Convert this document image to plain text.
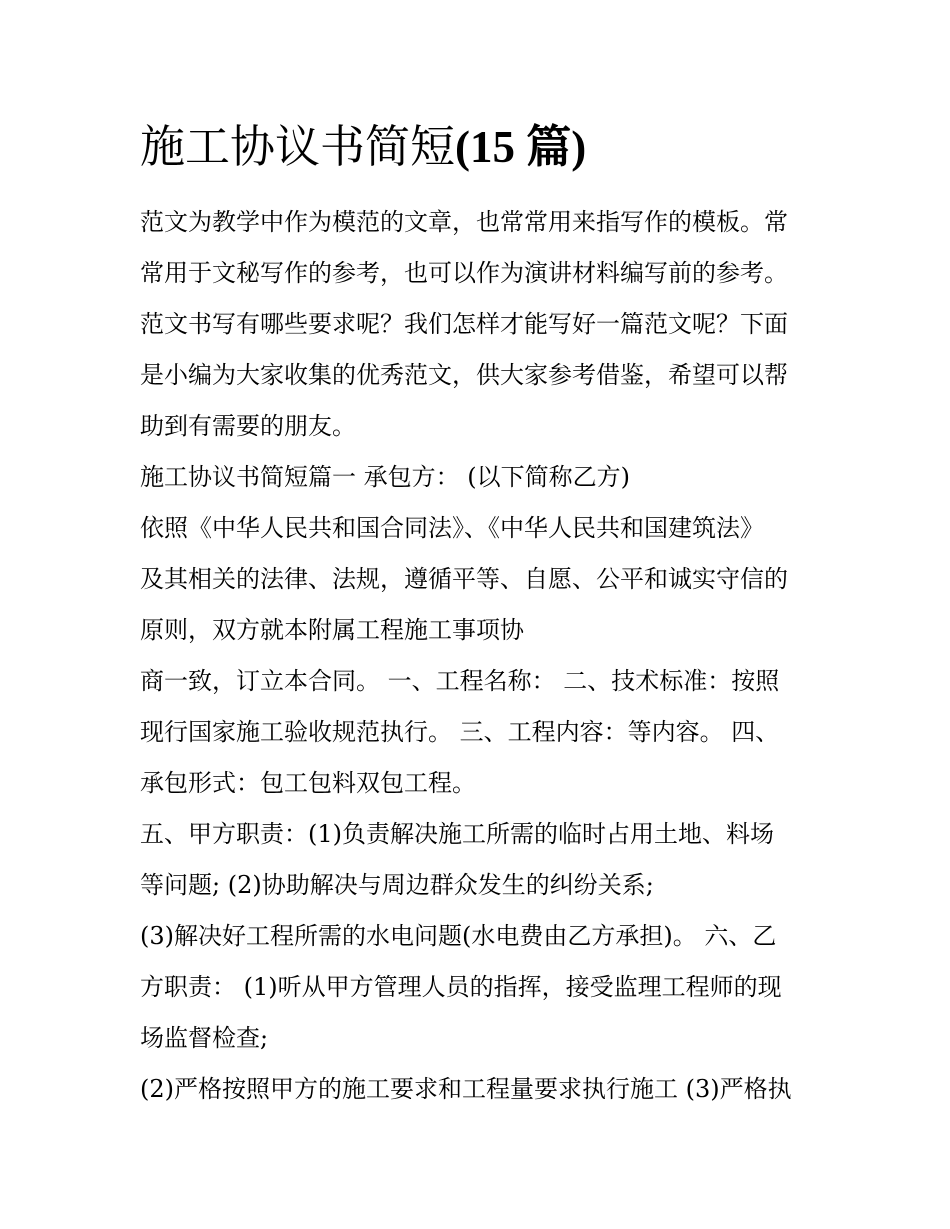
施工协议书简短(15 篇)

范文为教学中作为模范的文章，也常常用来指写作的模板。常

常用于文秘写作的参考，也可以作为演讲材料编写前的参考。

范文书写有哪些要求呢？我们怎样才能写好一篇范文呢？下面

是小编为大家收集的优秀范文，供大家参考借鉴，希望可以帮

助到有需要的朋友。

施工协议书简短篇一 承包方： (以下简称乙方)

依照《中华人民共和国合同法》、《中华人民共和国建筑法》

及其相关的法律、法规，遵循平等、自愿、公平和诚实守信的

原则，双方就本附属工程施工事项协

商一致，订立本合同。 一、工程名称： 二、技术标准：按照

现行国家施工验收规范执行。 三、工程内容：等内容。 四、

承包形式：包工包料双包工程。

五、甲方职责：(1)负责解决施工所需的临时占用土地、料场

等问题; (2)协助解决与周边群众发生的纠纷关系;

(3)解决好工程所需的水电问题(水电费由乙方承担)。 六、乙

方职责： (1)听从甲方管理人员的指挥，接受监理工程师的现

场监督检查;

(2)严格按照甲方的施工要求和工程量要求执行施工 (3)严格执
